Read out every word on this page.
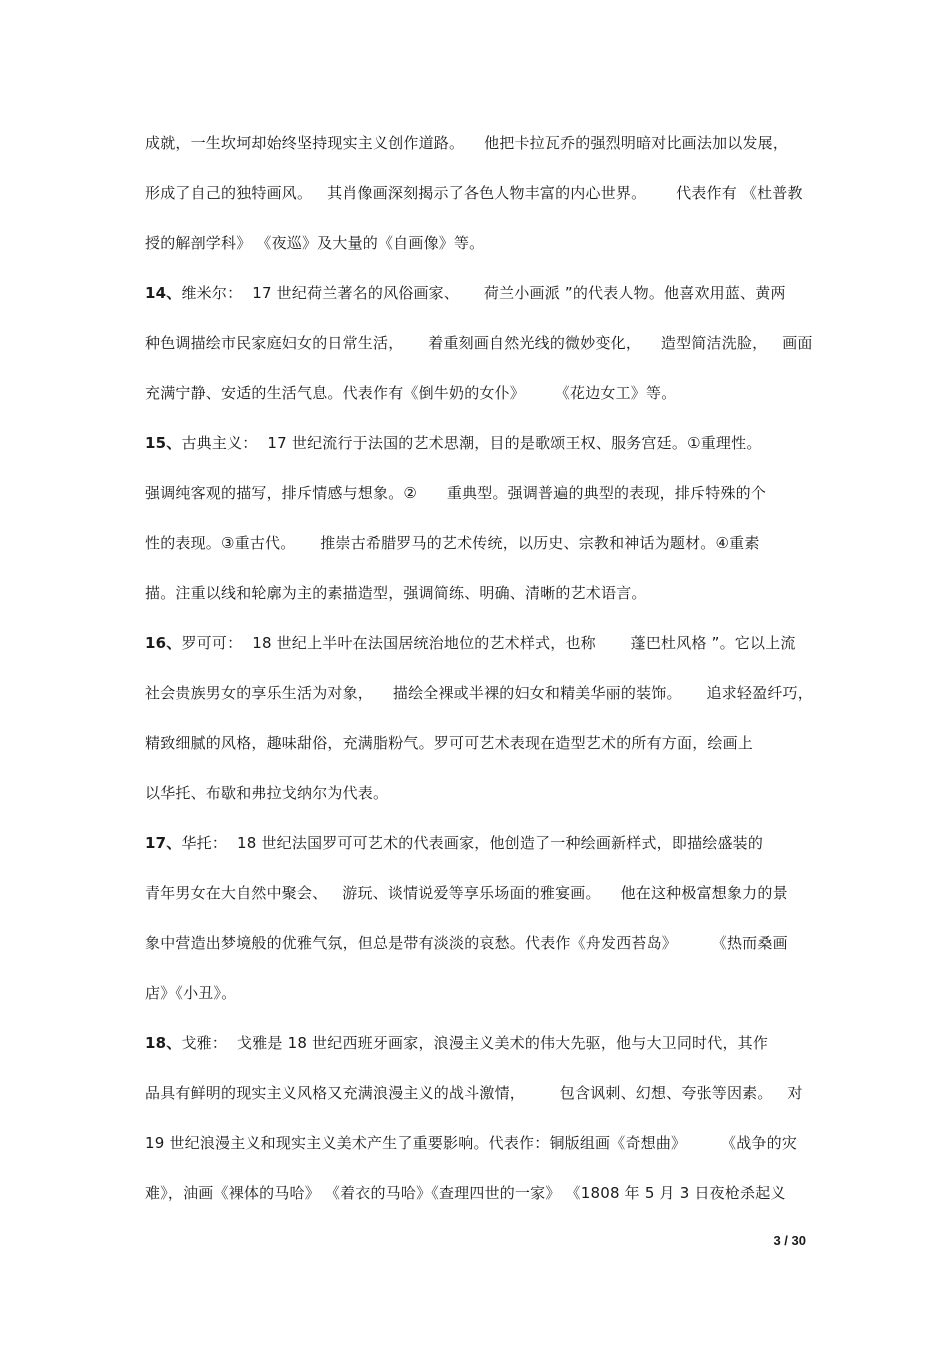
成就，一生坎坷却始终坚持现实主义创作道路。    他把卡拉瓦乔的强烈明暗对比画法加以发展，
形成了自己的独特画风。   其肖像画深刻揭示了各色人物丰富的内心世界。      代表作有 《杜普教
授的解剖学科》 《夜巡》及大量的《自画像》等。
14、维米尔：  17 世纪荷兰著名的风俗画家、     荷兰小画派 ”的代表人物。他喜欢用蓝、黄两
种色调描绘市民家庭妇女的日常生活，     着重刻画自然光线的微妙变化，    造型简洁洗脸，   画面
充满宁静、安适的生活气息。代表作有《倒牛奶的女仆》      《花边女工》等。
15、古典主义：  17 世纪流行于法国的艺术思潮，目的是歌颂王权、服务宫廷。①重理性。
强调纯客观的描写，排斥情感与想象。②      重典型。强调普遍的典型的表现，排斥特殊的个
性的表现。③重古代。     推崇古希腊罗马的艺术传统，以历史、宗教和神话为题材。④重素
描。注重以线和轮廓为主的素描造型，强调简练、明确、清晰的艺术语言。
16、罗可可：  18 世纪上半叶在法国居统治地位的艺术样式，也称       蓬巴杜风格 ”。它以上流
社会贵族男女的享乐生活为对象，    描绘全裸或半裸的妇女和精美华丽的装饰。     追求轻盈纤巧，
精致细腻的风格，趣味甜俗，充满脂粉气。罗可可艺术表现在造型艺术的所有方面，绘画上
以华托、布歇和弗拉戈纳尔为代表。
17、华托：  18 世纪法国罗可可艺术的代表画家，他创造了一种绘画新样式，即描绘盛装的
青年男女在大自然中聚会、   游玩、谈情说爱等享乐场面的雅宴画。    他在这种极富想象力的景
象中营造出梦境般的优雅气氛，但总是带有淡淡的哀愁。代表作《舟发西苔岛》       《热而桑画
店》《小丑》。
18、戈雅：  戈雅是 18 世纪西班牙画家，浪漫主义美术的伟大先驱，他与大卫同时代，其作
品具有鲜明的现实主义风格又充满浪漫主义的战斗激情，       包含讽刺、幻想、夸张等因素。   对
19 世纪浪漫主义和现实主义美术产生了重要影响。代表作：铜版组画《奇想曲》       《战争的灾
难》，油画《裸体的马哈》 《着衣的马哈》《查理四世的一家》 《1808 年 5 月 3 日夜枪杀起义
3 / 30
